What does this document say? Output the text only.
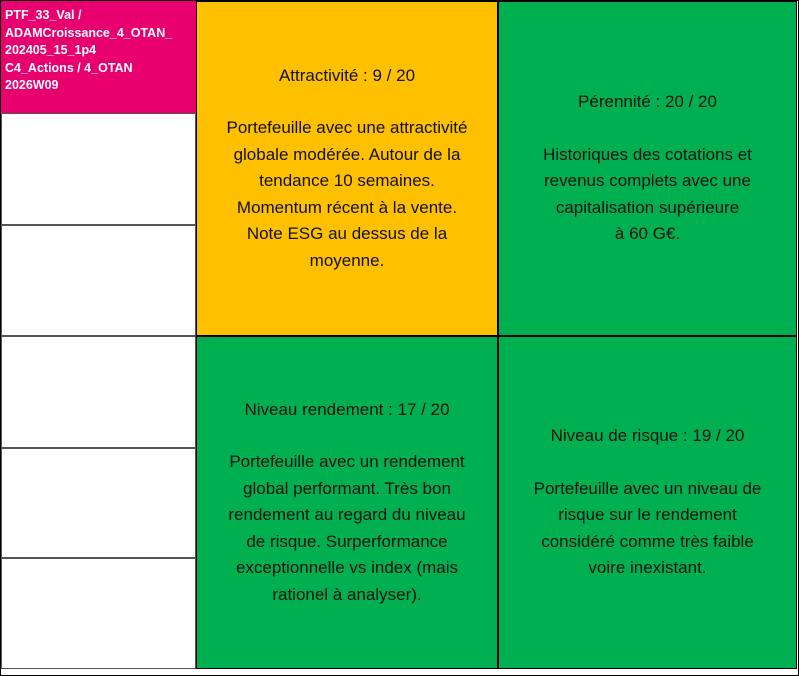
PTF_33_Val /
ADAMCroissance_4_OTAN_
202405_15_1p4
C4_Actions / 4_OTAN
2026W09
Attractivité : 9 / 20
Portefeuille avec une attractivité
globale modérée. Autour de la
tendance 10 semaines.
Momentum récent à la vente.
Note ESG au dessus de la
moyenne.
Pérennité : 20 / 20
Historiques des cotations et
revenus complets avec une
capitalisation supérieure
à 60 G€.
Niveau rendement : 17 / 20
Portefeuille avec un rendement
global performant. Très bon
rendement au regard du niveau
de risque. Surperformance
exceptionnelle vs index (mais
rationel à analyser).
Niveau de risque : 19 / 20
Portefeuille avec un niveau de
risque sur le rendement
considéré comme très faible
voire inexistant.
